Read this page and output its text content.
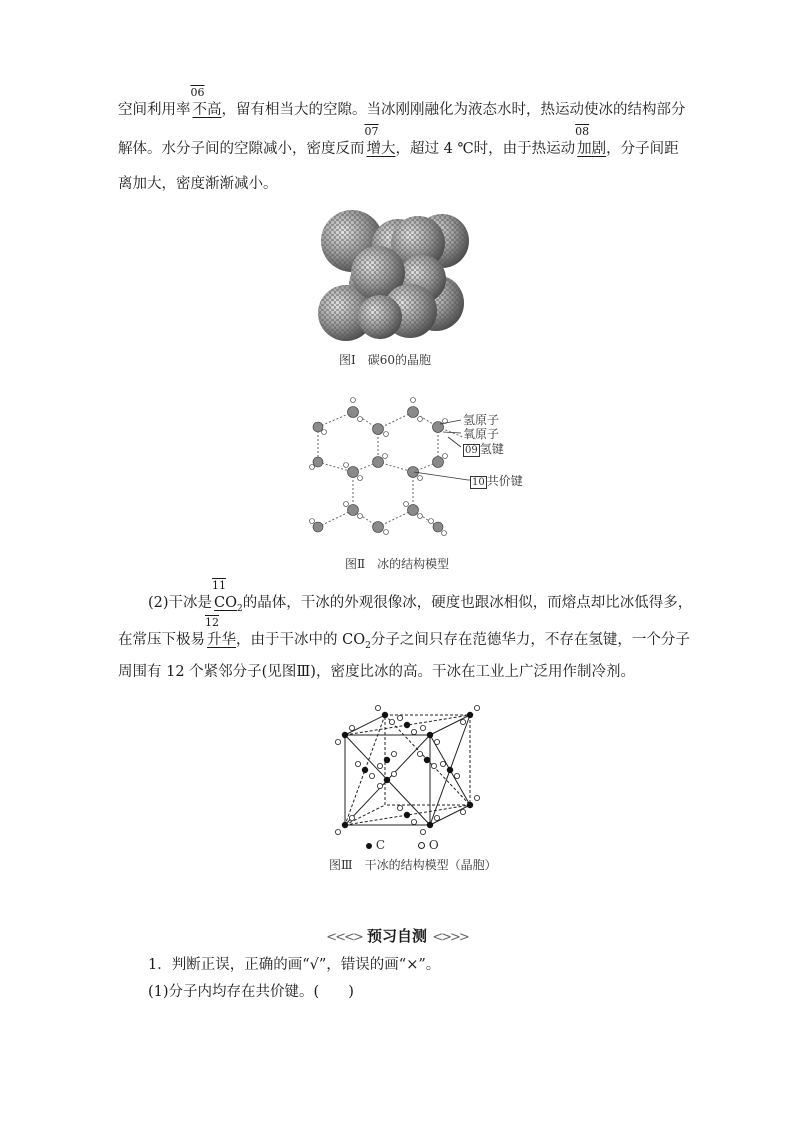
空间利用率
06
不高，留有相当大的空隙。当冰刚刚融化为液态水时，热运动使冰的结构部分
解体。水分子间的空隙减小，密度反而
07
增大，超过 4 ℃时，由于热运动
08
加剧，分子间距
离加大，密度渐渐减小。
图Ⅰ　碳60的晶胞
氢原子
氧原子
09 氢键
10 共价键
图Ⅱ　冰的结构模型
(2)干冰是
11
$CO_2$的晶体，干冰的外观很像冰，硬度也跟冰相似，而熔点却比冰低得多，
在常压下极易
12
升华，由于干冰中的 $CO_2$分子之间只存在范德华力，不存在氢键，一个分子
周围有 12 个紧邻分子(见图Ⅲ)，密度比冰的高。干冰在工业上广泛用作制冷剂。
C	O
图Ⅲ　干冰的结构模型（晶胞）
<<<> 预习自测 <>>>
1．判断正误，正确的画“√”，错误的画“×”。
(1)分子内均存在共价键。(　　)
